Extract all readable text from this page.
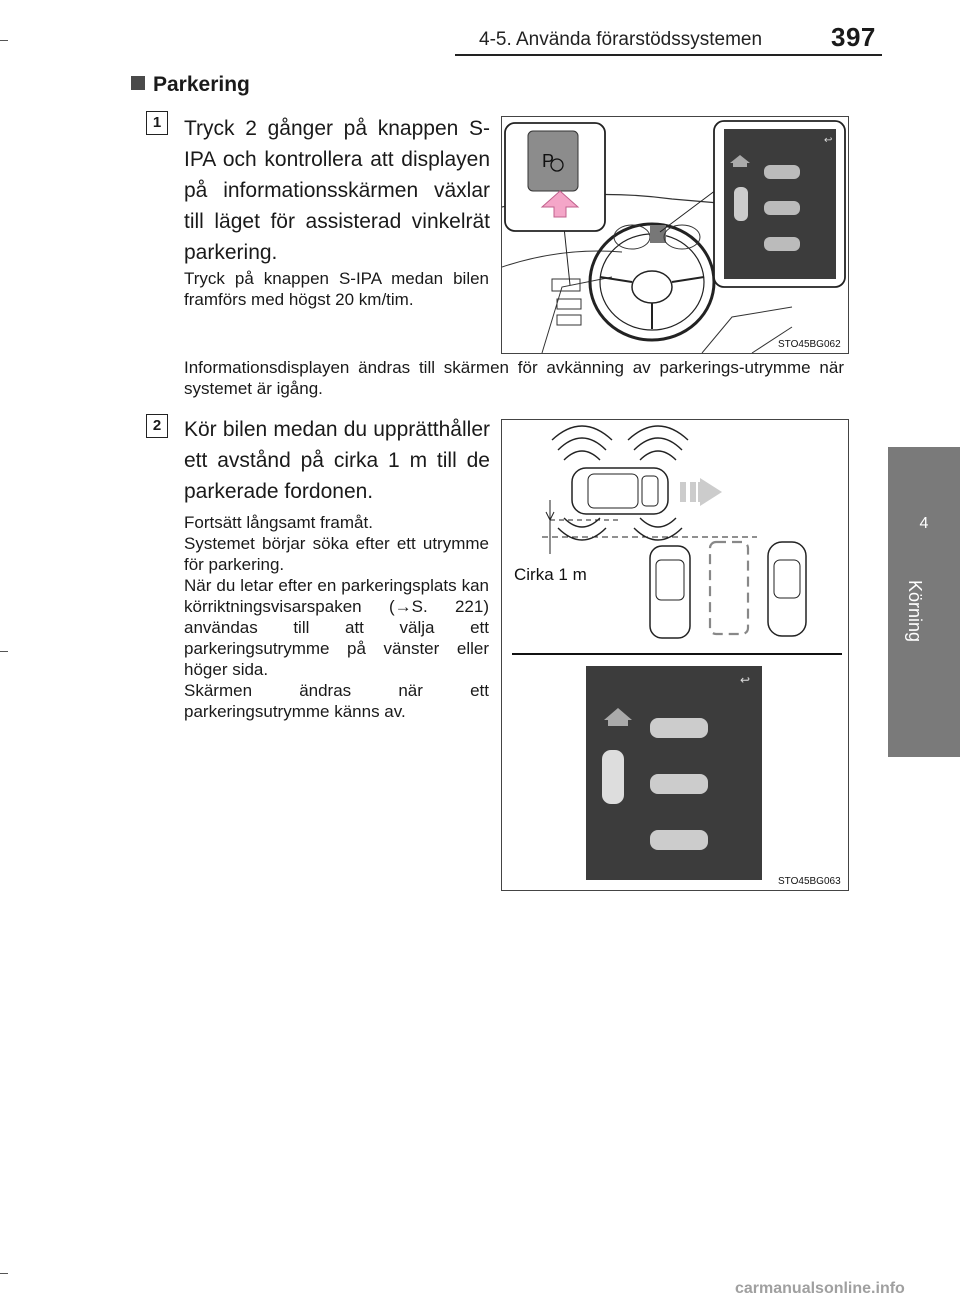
4-5. Använda förarstödssystemen	397
4
Körning
Parkering
1	Tryck 2 gånger på knappen S-IPA och kontrollera att displayen på informationsskärmen växlar till läget för assisterad vinkelrät parkering.
Tryck på knappen S-IPA medan bilen framförs med högst 20 km/tim.
Informationsdisplayen ändras till skärmen för avkänning av parkerings-utrymme när systemet är igång.
P
↩
STO45BG062
2	Kör bilen medan du upprätthåller ett avstånd på cirka 1 m till de parkerade fordonen.
Fortsätt långsamt framåt.
Systemet börjar söka efter ett utrymme för parkering.
När du letar efter en parkeringsplats kan körriktningsvisarspaken (→S. 221) användas till att välja ett parkeringsutrymme på vänster eller höger sida.
Skärmen ändras när ett parkeringsutrymme känns av.
↩
Cirka 1 m
STO45BG063
carmanualsonline.info
